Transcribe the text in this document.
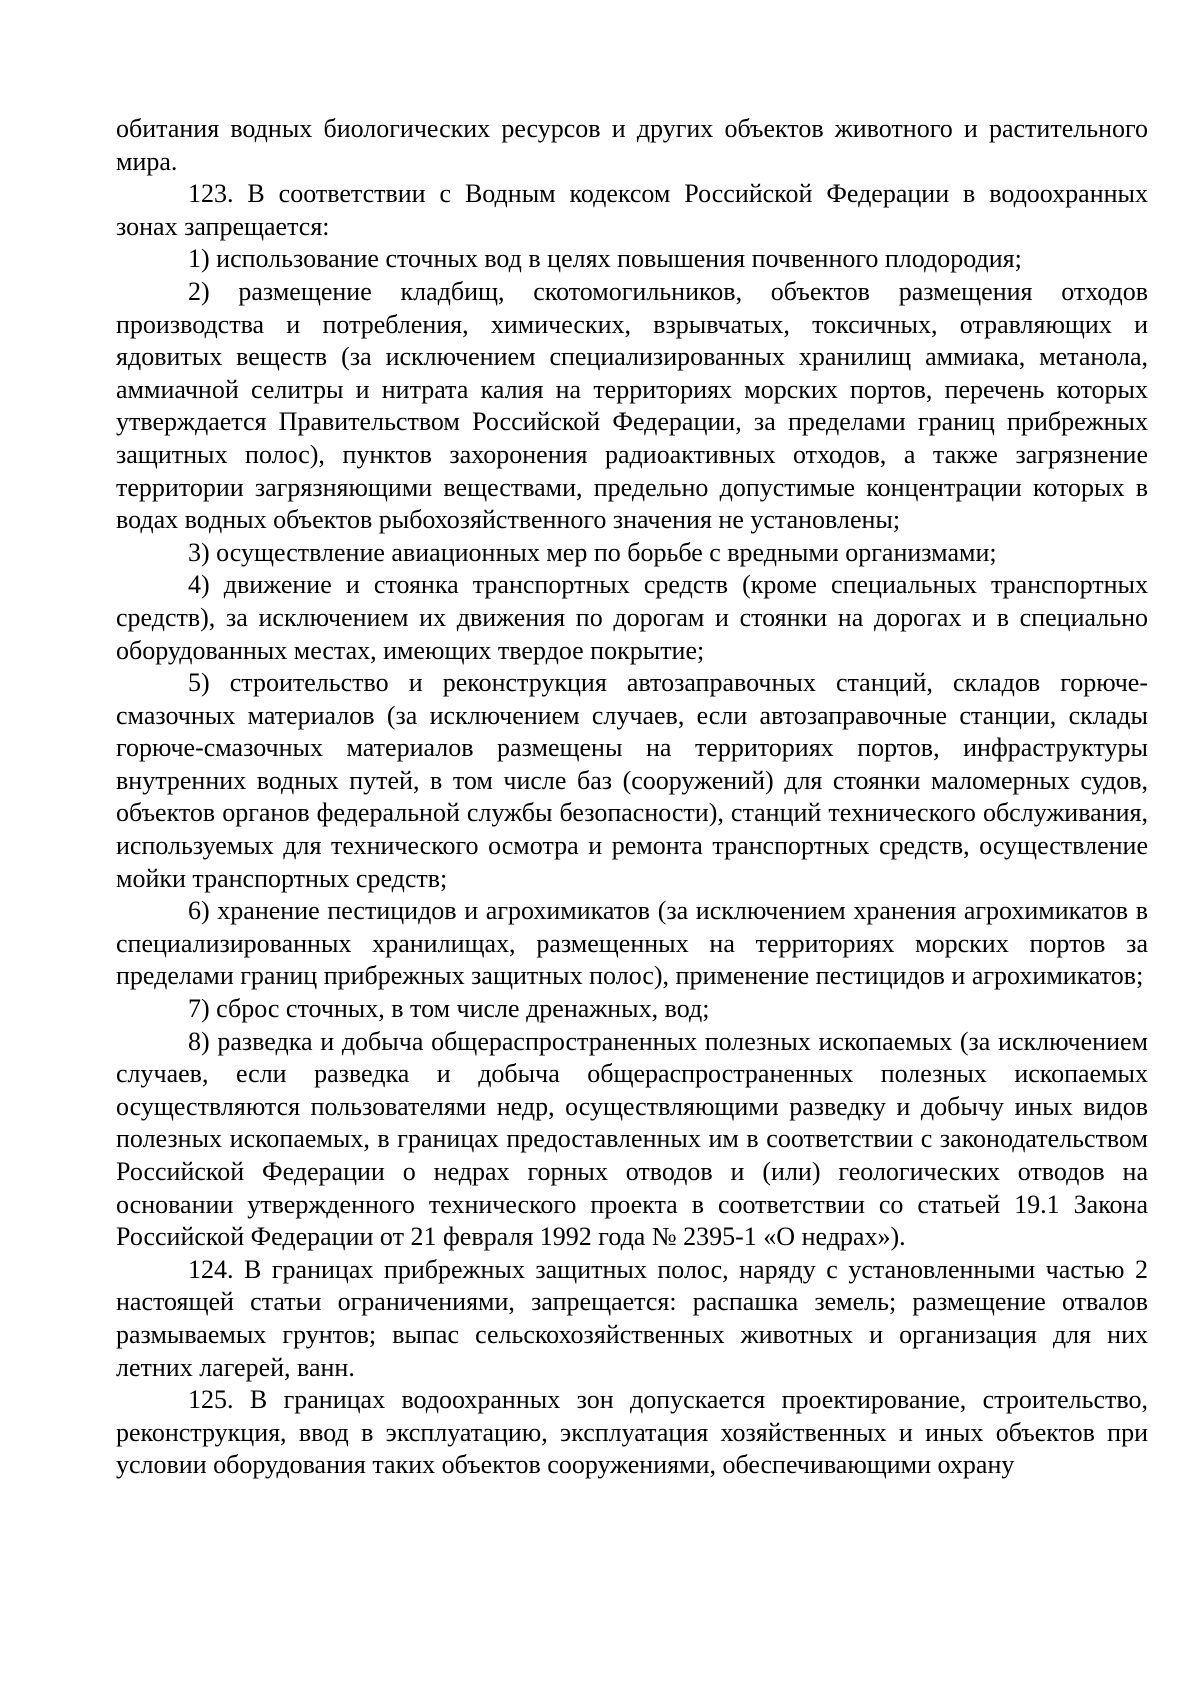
обитания водных биологических ресурсов и других объектов животного и растительного мира.

123. В соответствии с Водным кодексом Российской Федерации в водоохранных зонах запрещается:

1) использование сточных вод в целях повышения почвенного плодородия;

2) размещение кладбищ, скотомогильников, объектов размещения отходов производства и потребления, химических, взрывчатых, токсичных, отравляющих и ядовитых веществ (за исключением специализированных хранилищ аммиака, метанола, аммиачной селитры и нитрата калия на территориях морских портов, перечень которых утверждается Правительством Российской Федерации, за пределами границ прибрежных защитных полос), пунктов захоронения радиоактивных отходов, а также загрязнение территории загрязняющими веществами, предельно допустимые концентрации которых в водах водных объектов рыбохозяйственного значения не установлены;

3) осуществление авиационных мер по борьбе с вредными организмами;

4) движение и стоянка транспортных средств (кроме специальных транспортных средств), за исключением их движения по дорогам и стоянки на дорогах и в специально оборудованных местах, имеющих твердое покрытие;

5) строительство и реконструкция автозаправочных станций, складов горюче-смазочных материалов (за исключением случаев, если автозаправочные станции, склады горюче-смазочных материалов размещены на территориях портов, инфраструктуры внутренних водных путей, в том числе баз (сооружений) для стоянки маломерных судов, объектов органов федеральной службы безопасности), станций технического обслуживания, используемых для технического осмотра и ремонта транспортных средств, осуществление мойки транспортных средств;

6) хранение пестицидов и агрохимикатов (за исключением хранения агрохимикатов в специализированных хранилищах, размещенных на территориях морских портов за пределами границ прибрежных защитных полос), применение пестицидов и агрохимикатов;

7) сброс сточных, в том числе дренажных, вод;

8) разведка и добыча общераспространенных полезных ископаемых (за исключением случаев, если разведка и добыча общераспространенных полезных ископаемых осуществляются пользователями недр, осуществляющими разведку и добычу иных видов полезных ископаемых, в границах предоставленных им в соответствии с законодательством Российской Федерации о недрах горных отводов и (или) геологических отводов на основании утвержденного технического проекта в соответствии со статьей 19.1 Закона Российской Федерации от 21 февраля 1992 года № 2395-1 «О недрах»).

124. В границах прибрежных защитных полос, наряду с установленными частью 2 настоящей статьи ограничениями, запрещается: распашка земель; размещение отвалов размываемых грунтов; выпас сельскохозяйственных животных и организация для них летних лагерей, ванн.

125. В границах водоохранных зон допускается проектирование, строительство, реконструкция, ввод в эксплуатацию, эксплуатация хозяйственных и иных объектов при условии оборудования таких объектов сооружениями, обеспечивающими охрану
